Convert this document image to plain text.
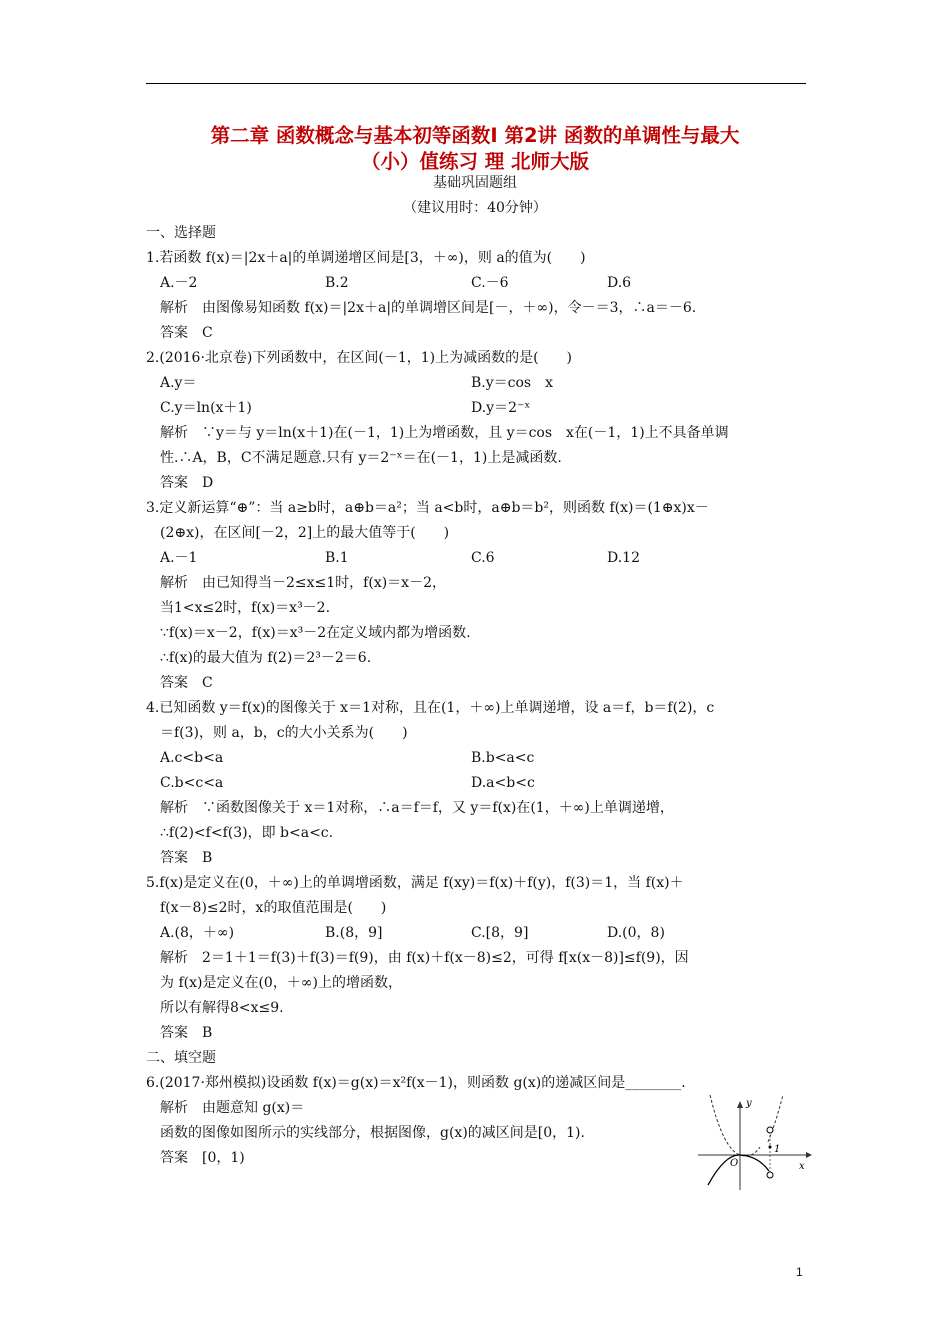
第二章 函数概念与基本初等函数Ⅰ 第2讲 函数的单调性与最大
（小）值练习 理 北师大版
基础巩固题组
（建议用时：40分钟）
一、选择题
1.若函数 f(x)＝|2x＋a|的单调递增区间是[3，＋∞)，则 a的值为(　　)
A.－2	B.2	C.－6	D.6
解析　由图像易知函数 f(x)＝|2x＋a|的单调增区间是[－，＋∞)，令－＝3，∴a＝－6.
答案　C
2.(2016·北京卷)下列函数中，在区间(－1，1)上为减函数的是(　　)
A.y＝	B.y＝cos　x
C.y＝ln(x＋1)	D.y＝2⁻ˣ
解析　∵y＝与 y＝ln(x＋1)在(－1，1)上为增函数，且 y＝cos　x在(－1，1)上不具备单调
性.∴A，B，C不满足题意.只有 y＝2⁻ˣ＝在(－1，1)上是减函数.
答案　D
3.定义新运算“⊕”：当 a≥b时，a⊕b＝a²；当 a<b时，a⊕b＝b²，则函数 f(x)＝(1⊕x)x－
(2⊕x)，在区间[－2，2]上的最大值等于(　　)
A.－1	B.1	C.6	D.12
解析　由已知得当－2≤x≤1时，f(x)＝x－2，
当1<x≤2时，f(x)＝x³－2.
∵f(x)＝x－2，f(x)＝x³－2在定义域内都为增函数.
∴f(x)的最大值为 f(2)＝2³－2＝6.
答案　C
4.已知函数 y＝f(x)的图像关于 x＝1对称，且在(1，＋∞)上单调递增，设 a＝f，b＝f(2)，c
＝f(3)，则 a，b，c的大小关系为(　　)
A.c<b<a	B.b<a<c
C.b<c<a	D.a<b<c
解析　∵函数图像关于 x＝1对称，∴a＝f＝f，又 y＝f(x)在(1，＋∞)上单调递增，
∴f(2)<f<f(3)，即 b<a<c.
答案　B
5.f(x)是定义在(0，＋∞)上的单调增函数，满足 f(xy)＝f(x)＋f(y)，f(3)＝1，当 f(x)＋
f(x－8)≤2时，x的取值范围是(　　)
A.(8，＋∞)	B.(8，9]	C.[8，9]	D.(0，8)
解析　2＝1＋1＝f(3)＋f(3)＝f(9)，由 f(x)＋f(x－8)≤2，可得 f[x(x－8)]≤f(9)，因
为 f(x)是定义在(0，＋∞)上的增函数，
所以有解得8<x≤9.
答案　B
二、填空题
6.(2017·郑州模拟)设函数 f(x)＝g(x)＝x²f(x－1)，则函数 g(x)的递减区间是________.
解析　由题意知 g(x)＝
函数的图像如图所示的实线部分，根据图像，g(x)的减区间是[0，1).
答案　[0，1)
y
x
O
1
1
